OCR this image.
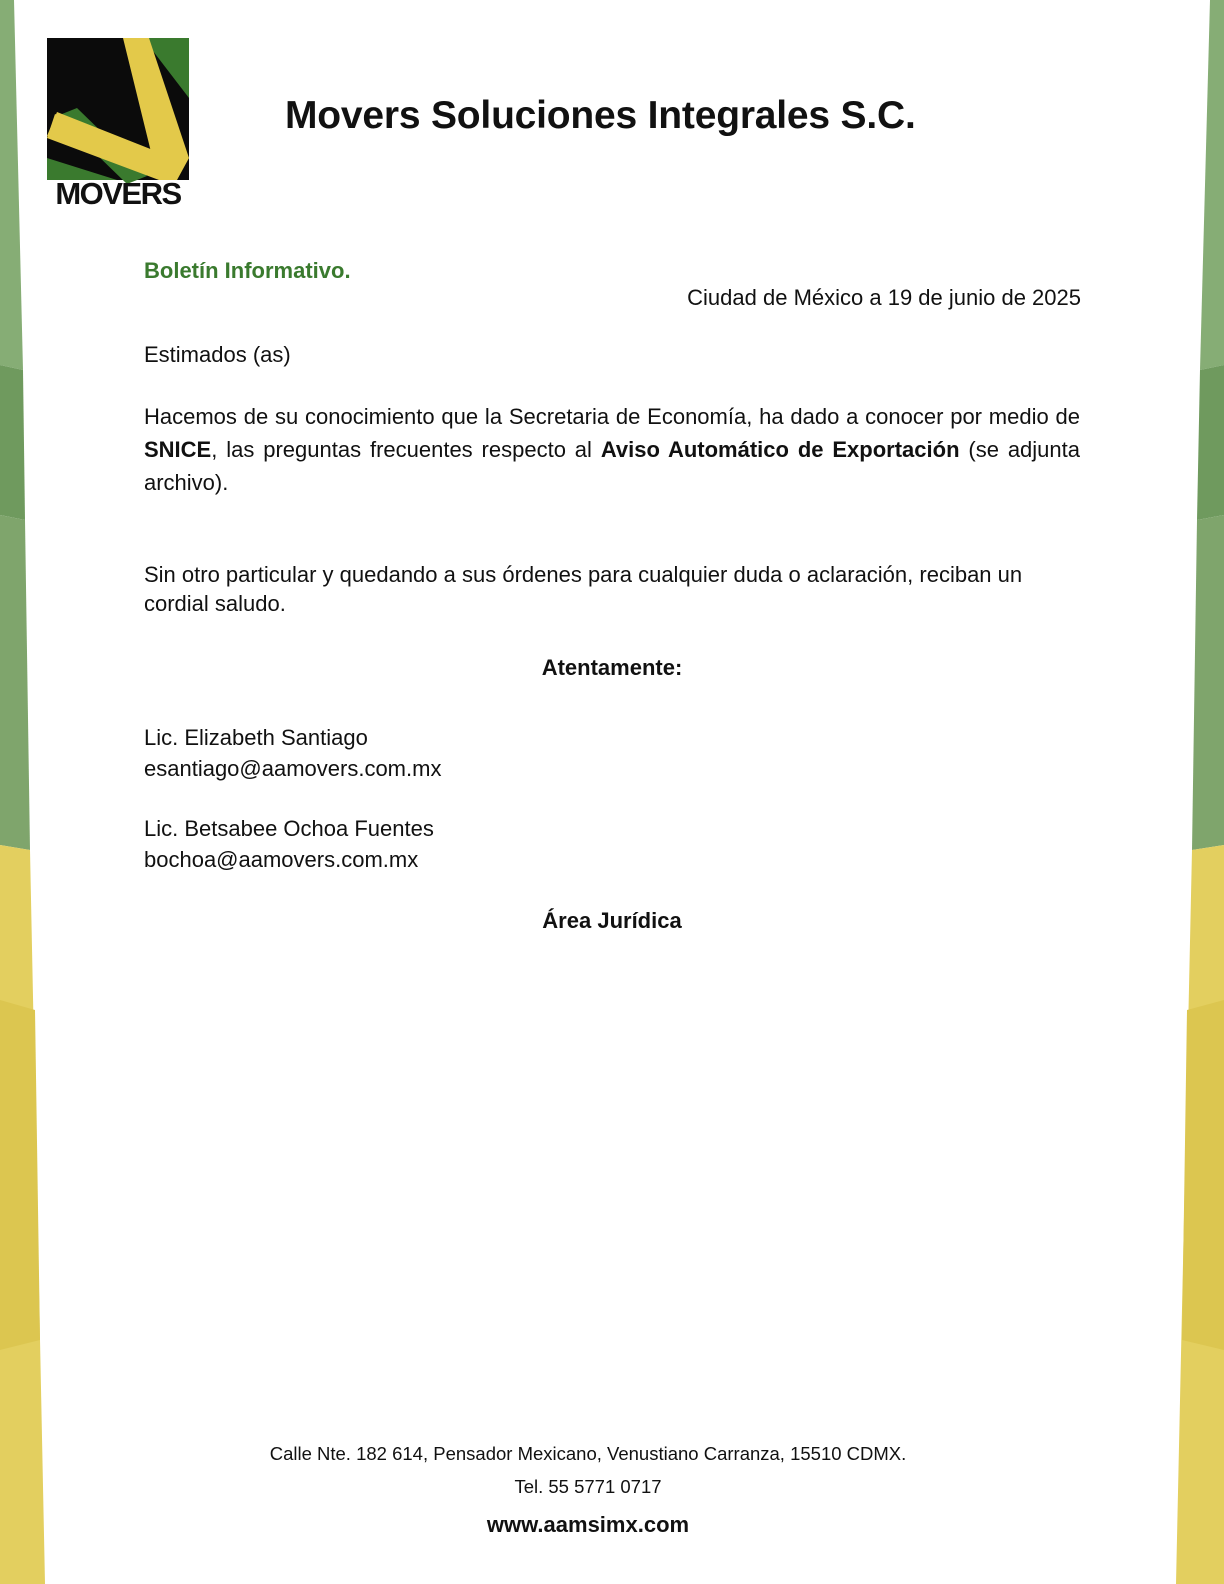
MOVERS
Movers Soluciones Integrales S.C.
Boletín Informativo.
Ciudad de México a 19 de junio de 2025
Estimados (as)
Hacemos de su conocimiento que la Secretaria de Economía, ha dado a conocer por medio de SNICE, las preguntas frecuentes respecto al Aviso Automático de Exportación (se adjunta archivo).
Sin otro particular y quedando a sus órdenes para cualquier duda o aclaración, reciban un cordial saludo.
Atentamente:
Lic. Elizabeth Santiago
esantiago@aamovers.com.mx
Lic. Betsabee Ochoa Fuentes
bochoa@aamovers.com.mx
Área Jurídica
Calle Nte. 182 614, Pensador Mexicano, Venustiano Carranza, 15510 CDMX.
Tel. 55 5771 0717
www.aamsimx.com
